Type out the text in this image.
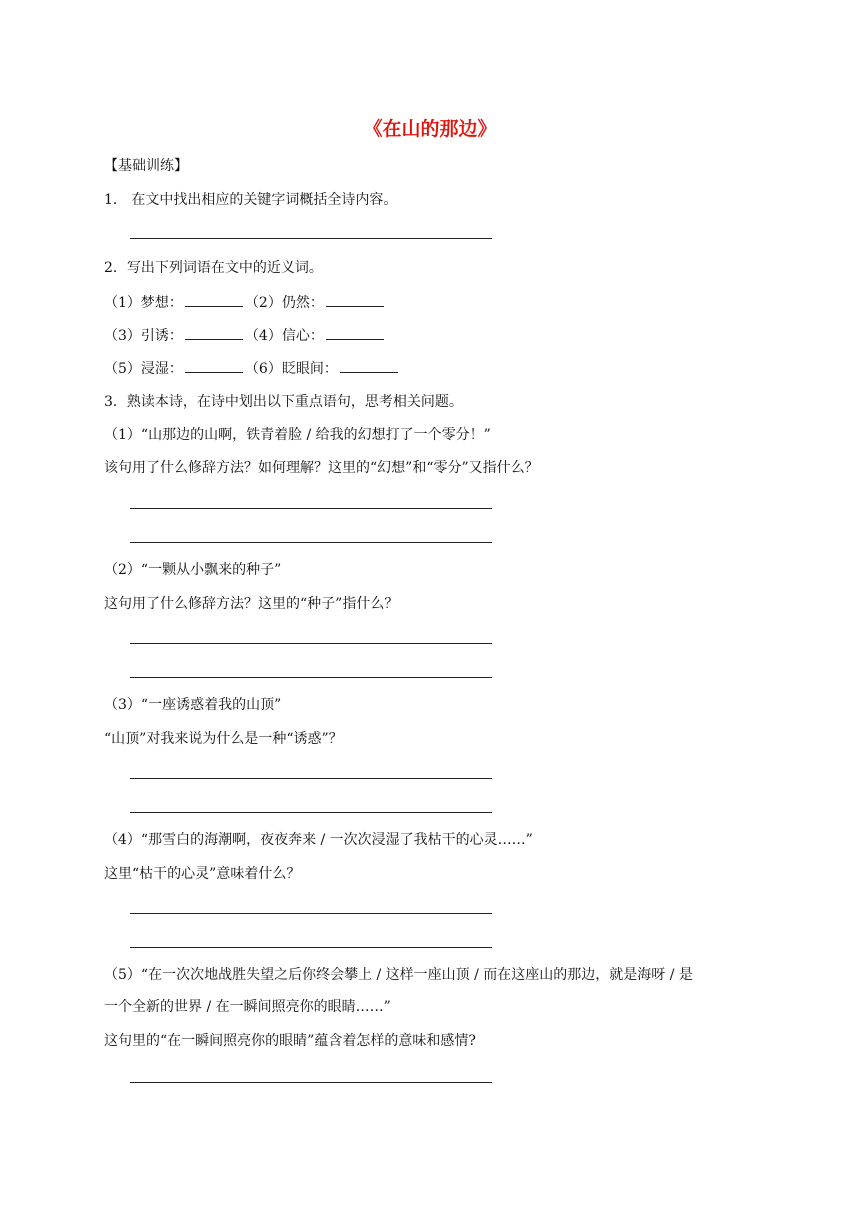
《在山的那边》
【基础训练】
1． 在文中找出相应的关键字词概括全诗内容。
2．写出下列词语在文中的近义词。
（1）梦想：	（2）仍然：
（3）引诱：	（4）信心：
（5）浸湿：	（6）眨眼间：
3．熟读本诗，在诗中划出以下重点语句，思考相关问题。
（1）“山那边的山啊，铁青着脸 / 给我的幻想打了一个零分！”
该句用了什么修辞方法？如何理解？这里的“幻想”和“零分”又指什么？
（2）“一颗从小飘来的种子”
这句用了什么修辞方法？这里的“种子”指什么？
（3）“一座诱惑着我的山顶”
“山顶”对我来说为什么是一种“诱惑”？
（4）“那雪白的海潮啊，夜夜奔来 / 一次次浸湿了我枯干的心灵……”
这里“枯干的心灵”意味着什么？
（5）“在一次次地战胜失望之后你终会攀上 / 这样一座山顶 / 而在这座山的那边，就是海呀 / 是
一个全新的世界 / 在一瞬间照亮你的眼睛……”
这句里的“在一瞬间照亮你的眼睛”蕴含着怎样的意味和感情?
